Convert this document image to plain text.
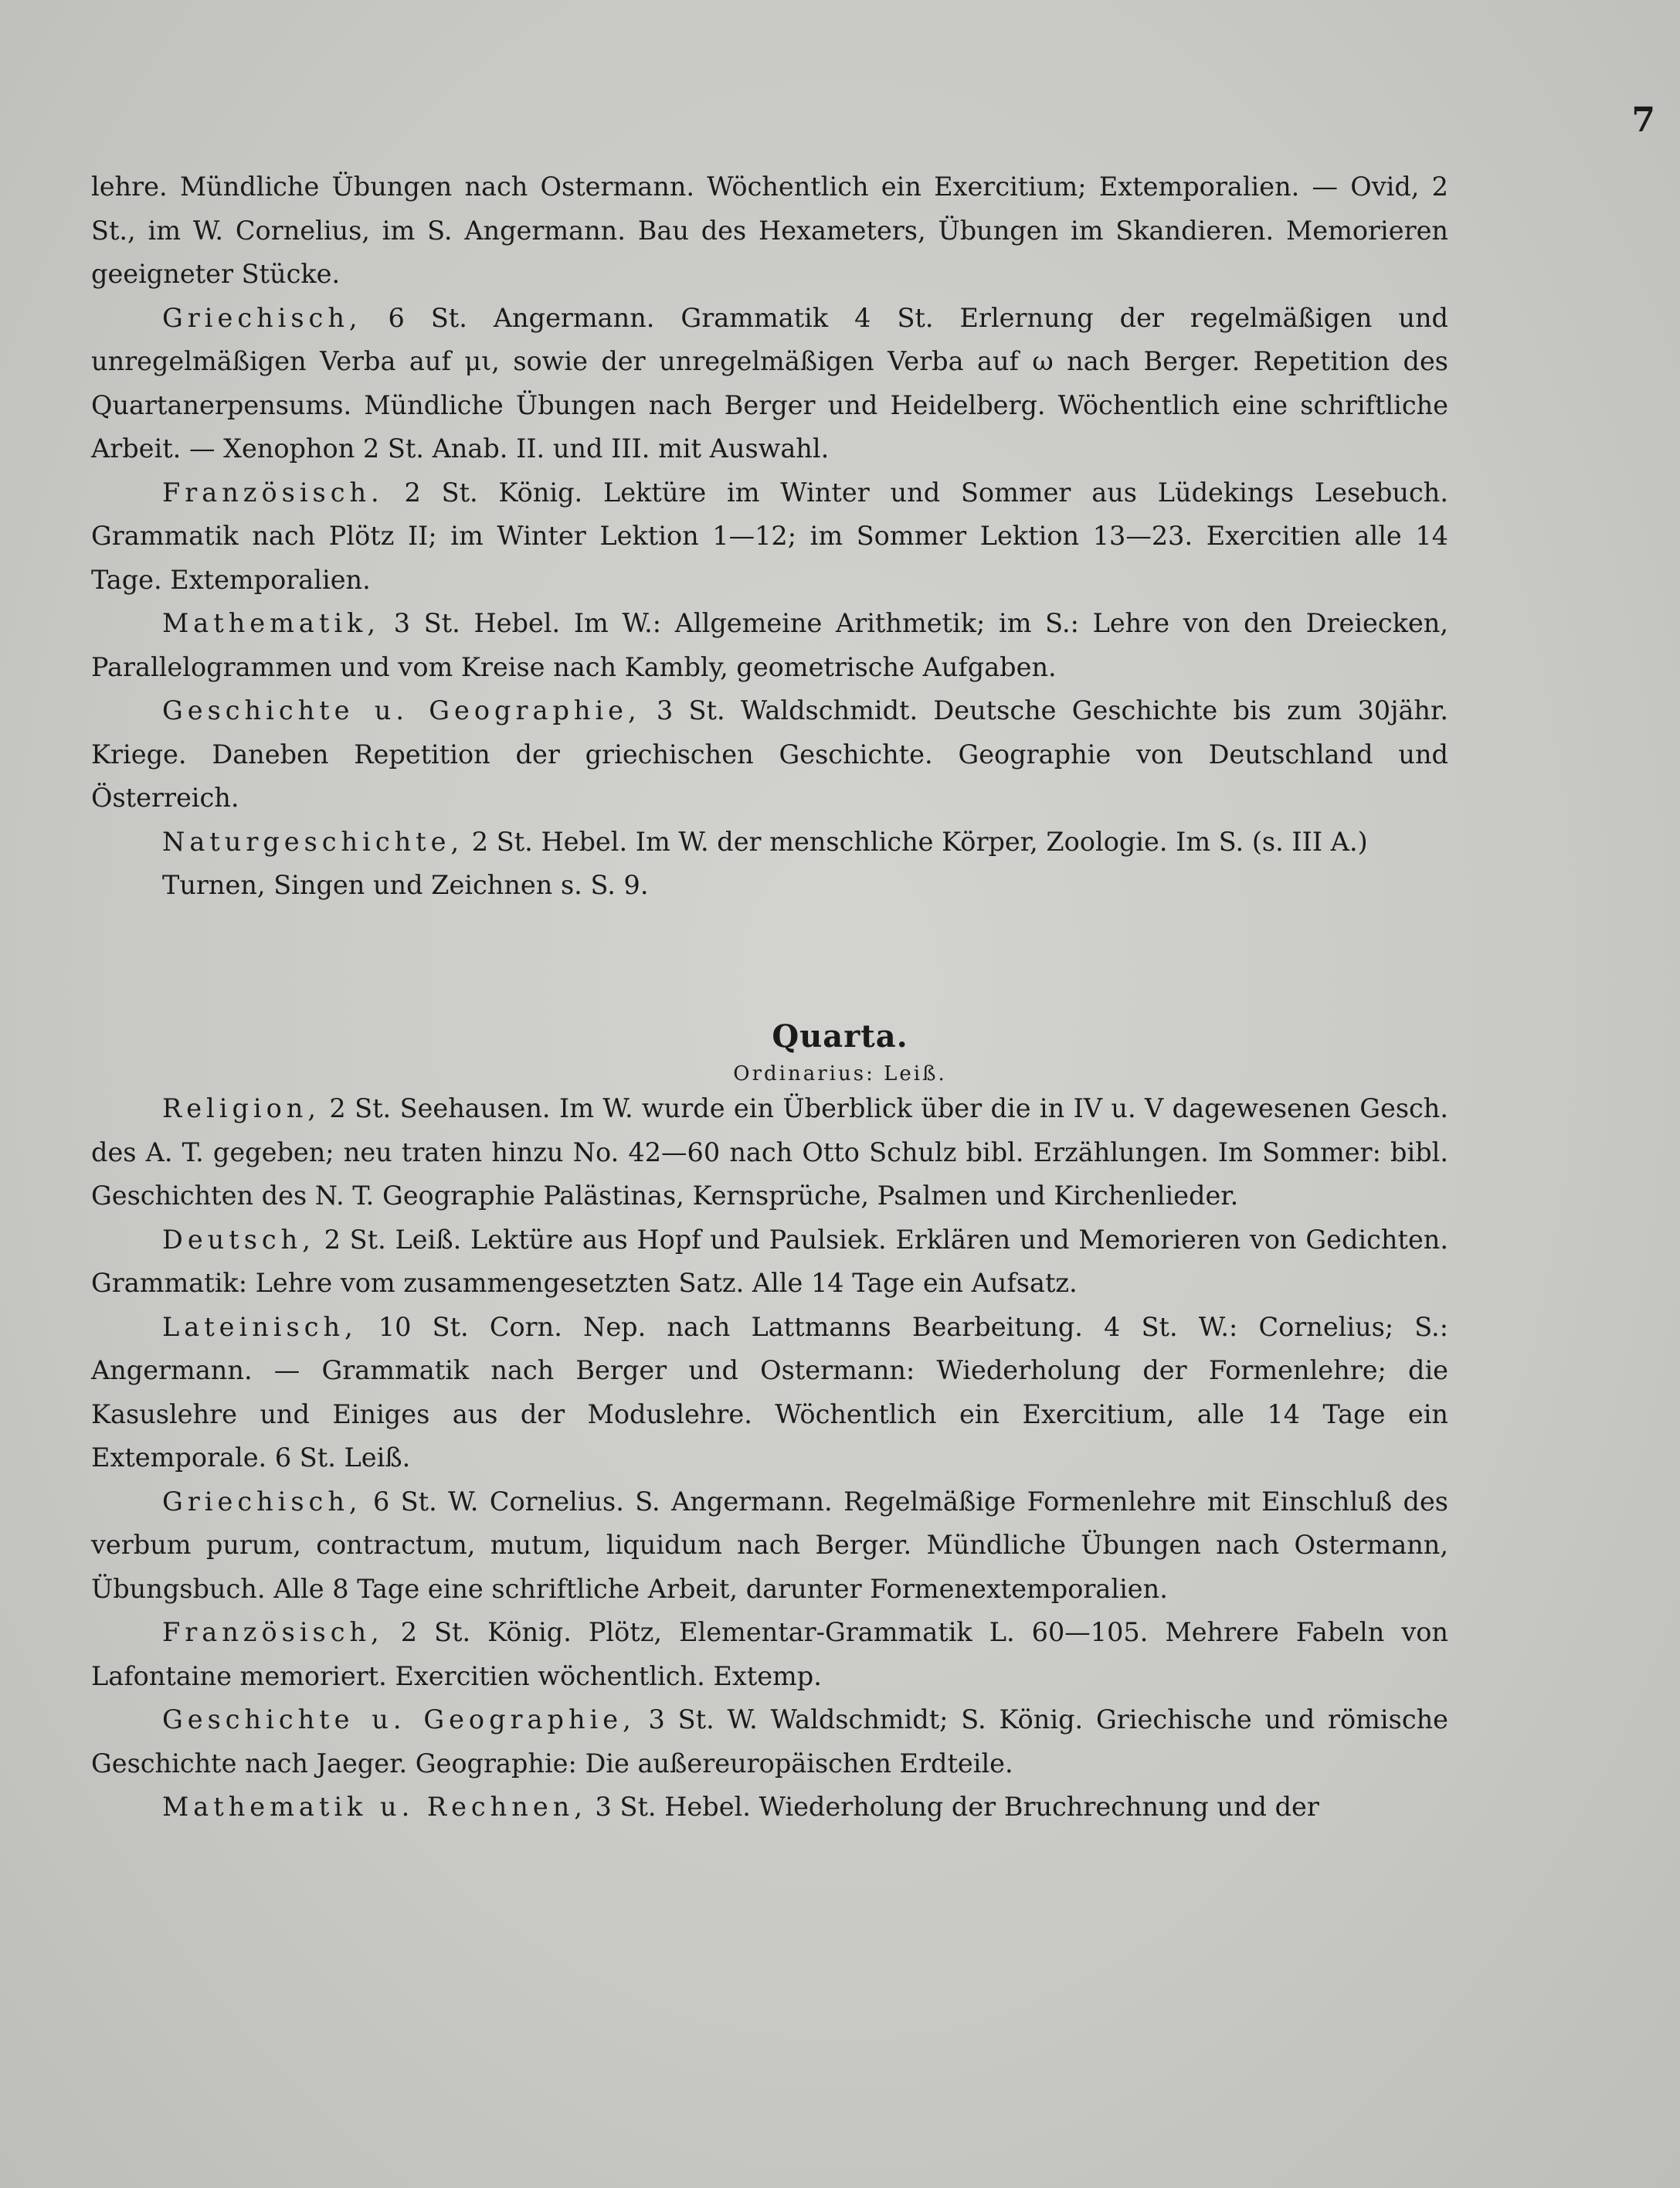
7

lehre. Mündliche Übungen nach Ostermann. Wöchentlich ein Exercitium; Extemporalien. — Ovid, 2 St., im W. Cornelius, im S. Angermann. Bau des Hexameters, Übungen im Skandieren. Memorieren geeigneter Stücke.

Griechisch, 6 St. Angermann. Grammatik 4 St. Erlernung der regelmäßigen und unregelmäßigen Verba auf μι, sowie der unregelmäßigen Verba auf ω nach Berger. Repetition des Quartanerpensums. Mündliche Übungen nach Berger und Heidelberg. Wöchentlich eine schriftliche Arbeit. — Xenophon 2 St. Anab. II. und III. mit Auswahl.

Französisch. 2 St. König. Lektüre im Winter und Sommer aus Lüdekings Lesebuch. Grammatik nach Plötz II; im Winter Lektion 1—12; im Sommer Lektion 13—23. Exercitien alle 14 Tage. Extemporalien.

Mathematik, 3 St. Hebel. Im W.: Allgemeine Arithmetik; im S.: Lehre von den Dreiecken, Parallelogrammen und vom Kreise nach Kambly, geometrische Aufgaben.

Geschichte u. Geographie, 3 St. Waldschmidt. Deutsche Geschichte bis zum 30jähr. Kriege. Daneben Repetition der griechischen Geschichte. Geographie von Deutschland und Österreich.

Naturgeschichte, 2 St. Hebel. Im W. der menschliche Körper, Zoologie. Im S. (s. III A.)

Turnen, Singen und Zeichnen s. S. 9.

Quarta.
Ordinarius: Leiß.

Religion, 2 St. Seehausen. Im W. wurde ein Überblick über die in IV u. V dagewesenen Gesch. des A. T. gegeben; neu traten hinzu No. 42—60 nach Otto Schulz bibl. Erzählungen. Im Sommer: bibl. Geschichten des N. T. Geographie Palästinas, Kernsprüche, Psalmen und Kirchenlieder.

Deutsch, 2 St. Leiß. Lektüre aus Hopf und Paulsiek. Erklären und Memorieren von Gedichten. Grammatik: Lehre vom zusammengesetzten Satz. Alle 14 Tage ein Aufsatz.

Lateinisch, 10 St. Corn. Nep. nach Lattmanns Bearbeitung. 4 St. W.: Cornelius; S.: Angermann. — Grammatik nach Berger und Ostermann: Wiederholung der Formenlehre; die Kasuslehre und Einiges aus der Moduslehre. Wöchentlich ein Exercitium, alle 14 Tage ein Extemporale. 6 St. Leiß.

Griechisch, 6 St. W. Cornelius. S. Angermann. Regelmäßige Formenlehre mit Einschluß des verbum purum, contractum, mutum, liquidum nach Berger. Mündliche Übungen nach Ostermann, Übungsbuch. Alle 8 Tage eine schriftliche Arbeit, darunter Formenextemporalien.

Französisch, 2 St. König. Plötz, Elementar-Grammatik L. 60—105. Mehrere Fabeln von Lafontaine memoriert. Exercitien wöchentlich. Extemp.

Geschichte u. Geographie, 3 St. W. Waldschmidt; S. König. Griechische und römische Geschichte nach Jaeger. Geographie: Die außereuropäischen Erdteile.

Mathematik u. Rechnen, 3 St. Hebel. Wiederholung der Bruchrechnung und der
